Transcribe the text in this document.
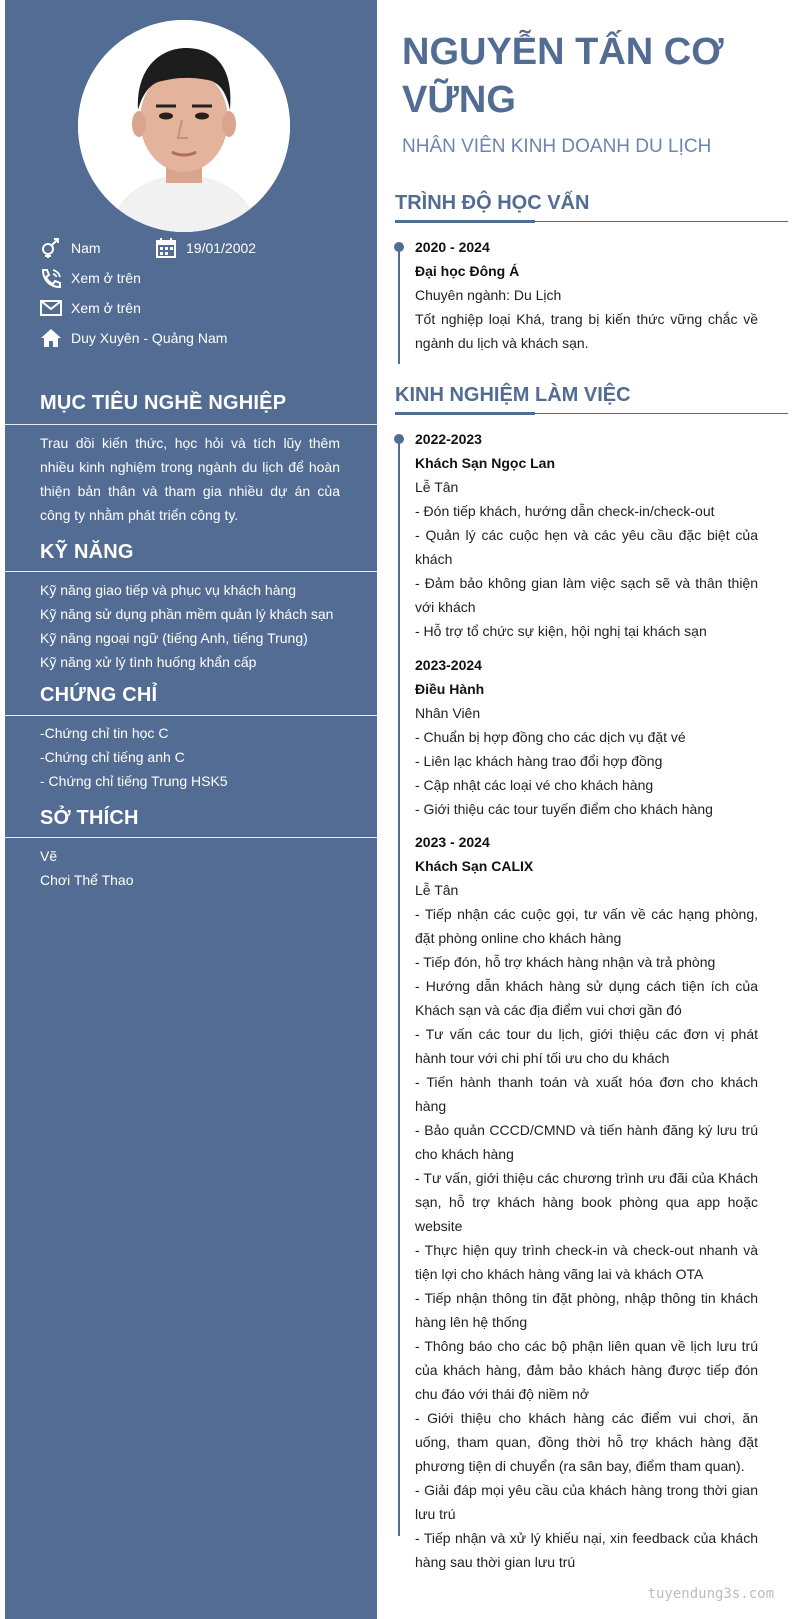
Nam	19/01/2002
Xem ở trên
Xem ở trên
Duy Xuyên - Quảng Nam
MỤC TIÊU NGHỀ NGHIỆP

Trau dồi kiến thức, học hỏi và tích lũy thêm nhiều kinh nghiệm trong ngành du lịch để hoàn thiện bản thân và tham gia nhiều dự án của công ty nhằm phát triển công ty.

KỸ NĂNG
Kỹ năng giao tiếp và phục vụ khách hàng
Kỹ năng sử dụng phần mềm quản lý khách sạn
Kỹ năng ngoại ngữ (tiếng Anh, tiếng Trung)
Kỹ năng xử lý tình huống khẩn cấp
CHỨNG CHỈ
-Chứng chỉ tin học C
-Chứng chỉ tiếng anh C
- Chứng chỉ tiếng Trung HSK5
SỞ THÍCH
Vẽ
Chơi Thể Thao
NGUYỄN TẤN CƠ VỮNG
NHÂN VIÊN KINH DOANH DU LỊCH
TRÌNH ĐỘ HỌC VẤN
2020 - 2024
Đại học Đông Á
Chuyên ngành: Du Lịch
Tốt nghiệp loại Khá, trang bị kiến thức vững chắc về ngành du lịch và khách sạn.
KINH NGHIỆM LÀM VIỆC
2022-2023
Khách Sạn Ngọc Lan
Lễ Tân
- Đón tiếp khách, hướng dẫn check-in/check-out
- Quản lý các cuộc hẹn và các yêu cầu đặc biệt của khách
- Đảm bảo không gian làm việc sạch sẽ và thân thiện với khách
- Hỗ trợ tổ chức sự kiện, hội nghị tại khách sạn
2023-2024
Điều Hành
Nhân Viên
- Chuẩn bị hợp đồng cho các dịch vụ đặt vé
- Liên lạc khách hàng trao đổi hợp đồng
- Cập nhật các loại vé cho khách hàng
- Giới thiệu các tour tuyến điểm cho khách hàng
2023 - 2024
Khách Sạn CALIX
Lễ Tân
- Tiếp nhận các cuộc gọi, tư vấn về các hạng phòng, đặt phòng online cho khách hàng
- Tiếp đón, hỗ trợ khách hàng nhận và trả phòng
- Hướng dẫn khách hàng sử dụng cách tiện ích của Khách sạn và các địa điểm vui chơi gần đó
- Tư vấn các tour du lịch, giới thiệu các đơn vị phát hành tour với chi phí tối ưu cho du khách
- Tiến hành thanh toán và xuất hóa đơn cho khách hàng
- Bảo quản CCCD/CMND và tiến hành đăng ký lưu trú cho khách hàng
- Tư vấn, giới thiệu các chương trình ưu đãi của Khách sạn, hỗ trợ khách hàng book phòng qua app hoặc website
- Thực hiện quy trình check-in và check-out nhanh và tiện lợi cho khách hàng vãng lai và khách OTA
- Tiếp nhận thông tin đặt phòng, nhập thông tin khách hàng lên hệ thống
- Thông báo cho các bộ phận liên quan về lịch lưu trú của khách hàng, đảm bảo khách hàng được tiếp đón chu đáo với thái độ niềm nở
- Giới thiệu cho khách hàng các điểm vui chơi, ăn uống, tham quan, đồng thời hỗ trợ khách hàng đặt phương tiện di chuyển (ra sân bay, điểm tham quan).
- Giải đáp mọi yêu cầu của khách hàng trong thời gian lưu trú
- Tiếp nhận và xử lý khiếu nại, xin feedback của khách hàng sau thời gian lưu trú
tuyendung3s.com
